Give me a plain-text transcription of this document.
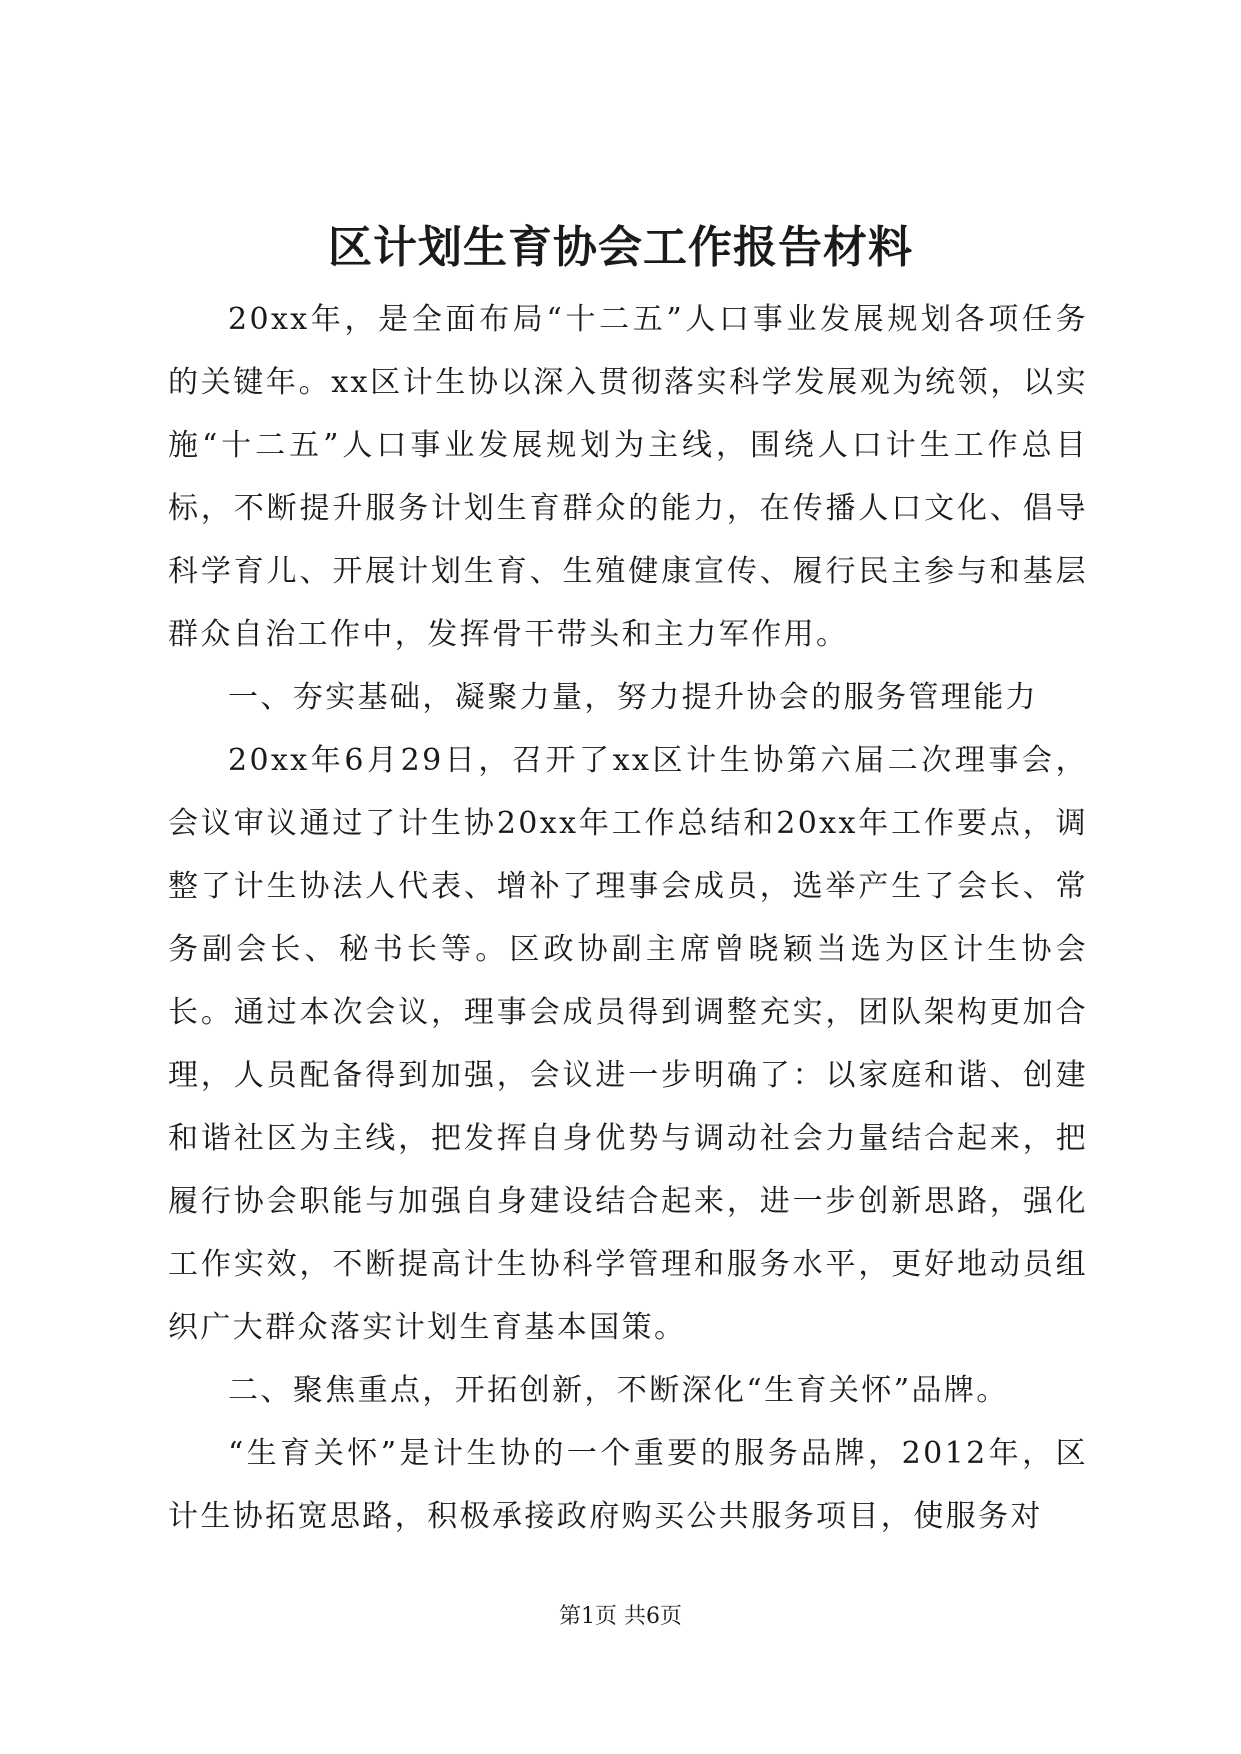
区计划生育协会工作报告材料

20xx年，是全面布局“十二五”人口事业发展规划各项任务的关键年。xx区计生协以深入贯彻落实科学发展观为统领，以实施“十二五”人口事业发展规划为主线，围绕人口计生工作总目标，不断提升服务计划生育群众的能力，在传播人口文化、倡导科学育儿、开展计划生育、生殖健康宣传、履行民主参与和基层群众自治工作中，发挥骨干带头和主力军作用。

一、夯实基础，凝聚力量，努力提升协会的服务管理能力

20xx年6月29日，召开了xx区计生协第六届二次理事会，会议审议通过了计生协20xx年工作总结和20xx年工作要点，调整了计生协法人代表、增补了理事会成员，选举产生了会长、常务副会长、秘书长等。区政协副主席曾晓颖当选为区计生协会长。通过本次会议，理事会成员得到调整充实，团队架构更加合理，人员配备得到加强，会议进一步明确了：以家庭和谐、创建和谐社区为主线，把发挥自身优势与调动社会力量结合起来，把履行协会职能与加强自身建设结合起来，进一步创新思路，强化工作实效，不断提高计生协科学管理和服务水平，更好地动员组织广大群众落实计划生育基本国策。

二、聚焦重点，开拓创新，不断深化“生育关怀”品牌。

“生育关怀”是计生协的一个重要的服务品牌，2012年，区计生协拓宽思路，积极承接政府购买公共服务项目，使服务对

第1页 共6页
